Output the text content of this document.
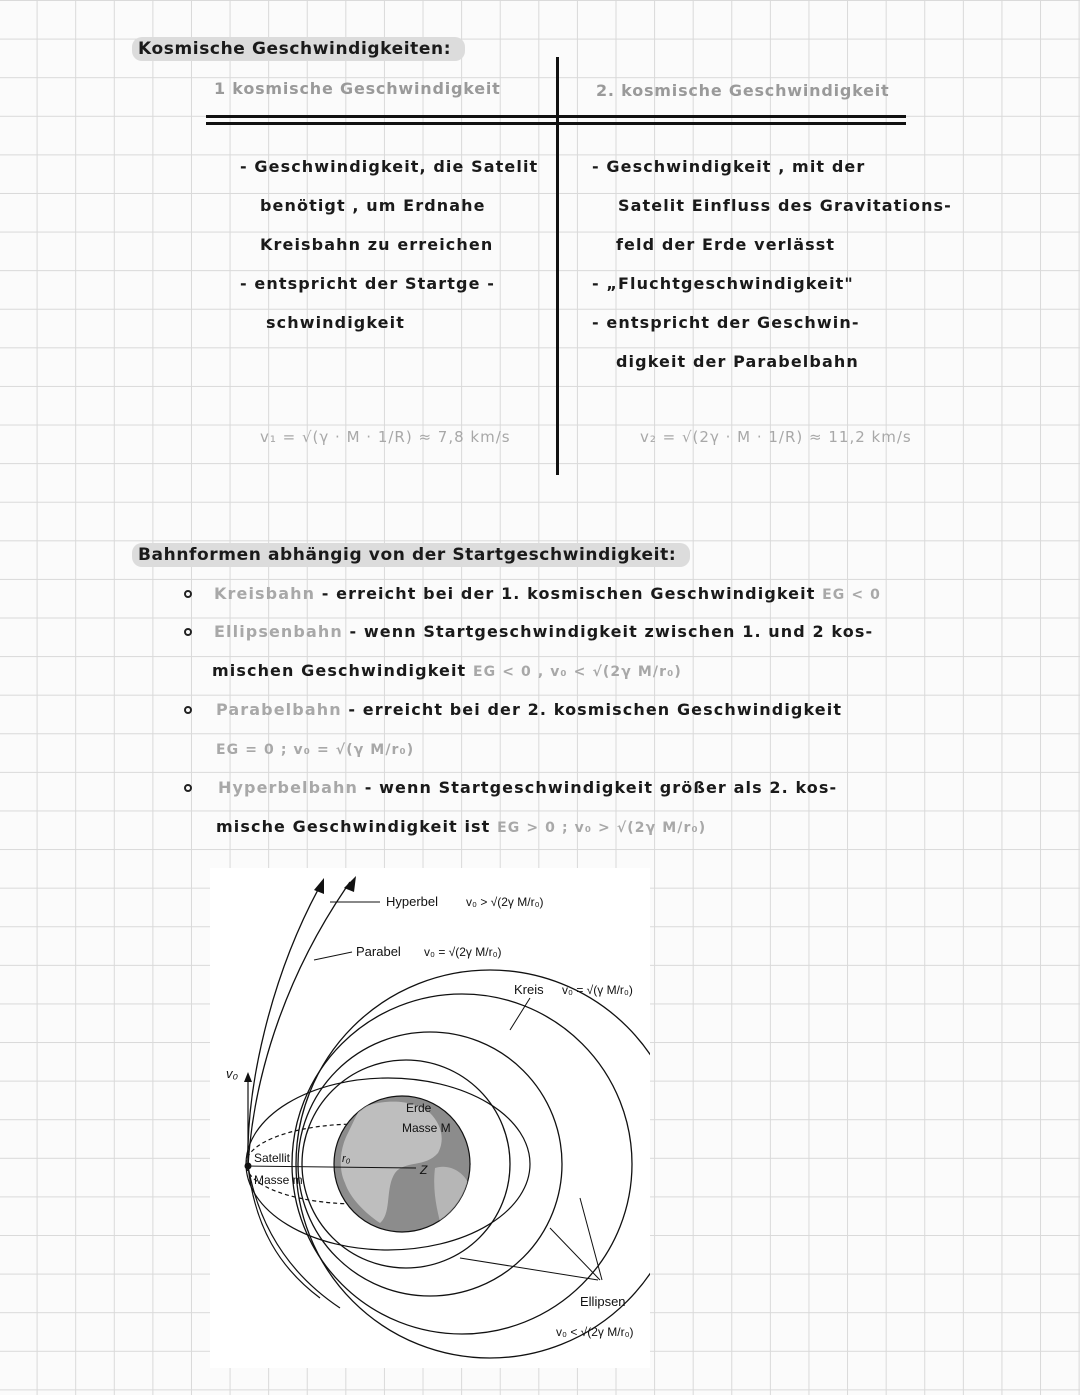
Kosmische Geschwindigkeiten:
1 kosmische Geschwindigkeit	2. kosmische Geschwindigkeit
- Geschwindigkeit, die Satelit
benötigt , um Erdnahe
Kreisbahn zu erreichen
- entspricht der Startge -
schwindigkeit
- Geschwindigkeit , mit der
Satelit Einfluss des Gravitations-
feld der Erde verlässt
- „Fluchtgeschwindigkeit"
- entspricht der Geschwin-
digkeit der Parabelbahn
v₁ = √(γ · M · 1/R) ≈ 7,8 km/s	v₂ = √(2γ · M · 1/R) ≈ 11,2 km/s
Bahnformen abhängig von der Startgeschwindigkeit:
Kreisbahn - erreicht bei der 1. kosmischen Geschwindigkeit EG < 0
Ellipsenbahn - wenn Startgeschwindigkeit zwischen 1. und 2 kos-
mischen Geschwindigkeit EG < 0 , v₀ < √(2γ M/r₀)
Parabelbahn - erreicht bei der 2. kosmischen Geschwindigkeit
EG = 0 ; v₀ = √(γ M/r₀)
Hyperbelbahn - wenn Startgeschwindigkeit größer als 2. kos-
mische Geschwindigkeit ist EG > 0 ; v₀ > √(2γ M/r₀)
Hyperbel v₀ > √(2γ M/r₀)
Parabel v₀ = √(2γ M/r₀)
Kreis v₀ = √(γ M/r₀)
v₀
Erde
Masse M
r₀
Z
Satellit
Masse m
Ellipsen
v₀ < √(2γ M/r₀)
